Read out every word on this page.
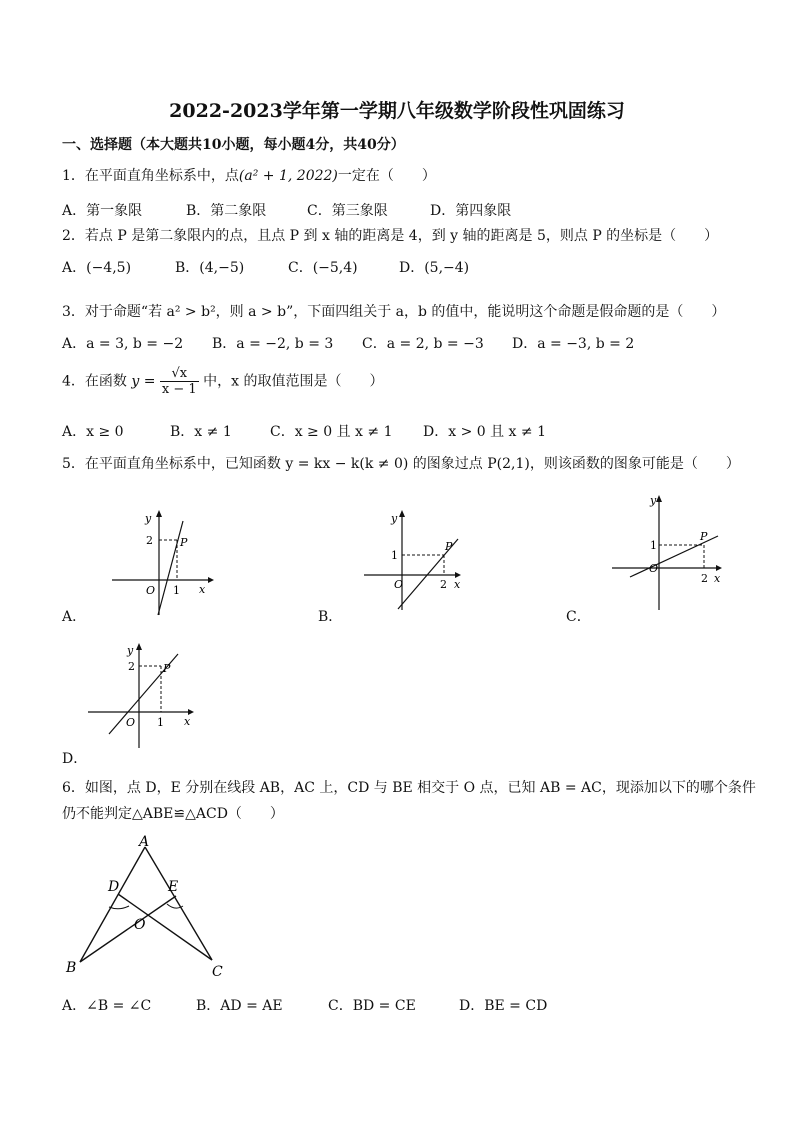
2022-2023学年第一学期八年级数学阶段性巩固练习
一、选择题（本大题共10小题，每小题4分，共40分）
1．在平面直角坐标系中，点(a² + 1, 2022)一定在（　　）
A．第一象限	B．第二象限	C．第三象限	D．第四象限
2．若点 P 是第二象限内的点，且点 P 到 x 轴的距离是 4，到 y 轴的距离是 5，则点 P 的坐标是（　　）
A．(−4,5)	B．(4,−5)	C．(−5,4)	D．(5,−4)
3．对于命题“若 a² > b²，则 a > b”，下面四组关于 a，b 的值中，能说明这个命题是假命题的是（　　）
A．a = 3, b = −2 B．a = −2, b = 3 C．a = 2, b = −3 D．a = −3, b = 2
4．在函数 $y = \frac{√x}{x - 1}$ 中，x 的取值范围是（　　）
A．x ≥ 0	B．x ≠ 1	C．x ≥ 0 且 x ≠ 1 D．x > 0 且 x ≠ 1
5．在平面直角坐标系中，已知函数 y = kx − k(k ≠ 0) 的图象过点 P(2,1)，则该函数的图象可能是（　　）
A．
y
2 P
O 1 x
B．
y
1
P
O	2 x
C．
y
1
P
O
2 x
D．
y
2	P
O 1 x
6．如图，点 D，E 分别在线段 AB，AC 上，CD 与 BE 相交于 O 点，已知 AB = AC，现添加以下的哪个条件
仍不能判定△ABE≌△ACD（　　）
A
D	E
O
B	C
A．∠B = ∠C	B．AD = AE	C．BD = CE	D．BE = CD
